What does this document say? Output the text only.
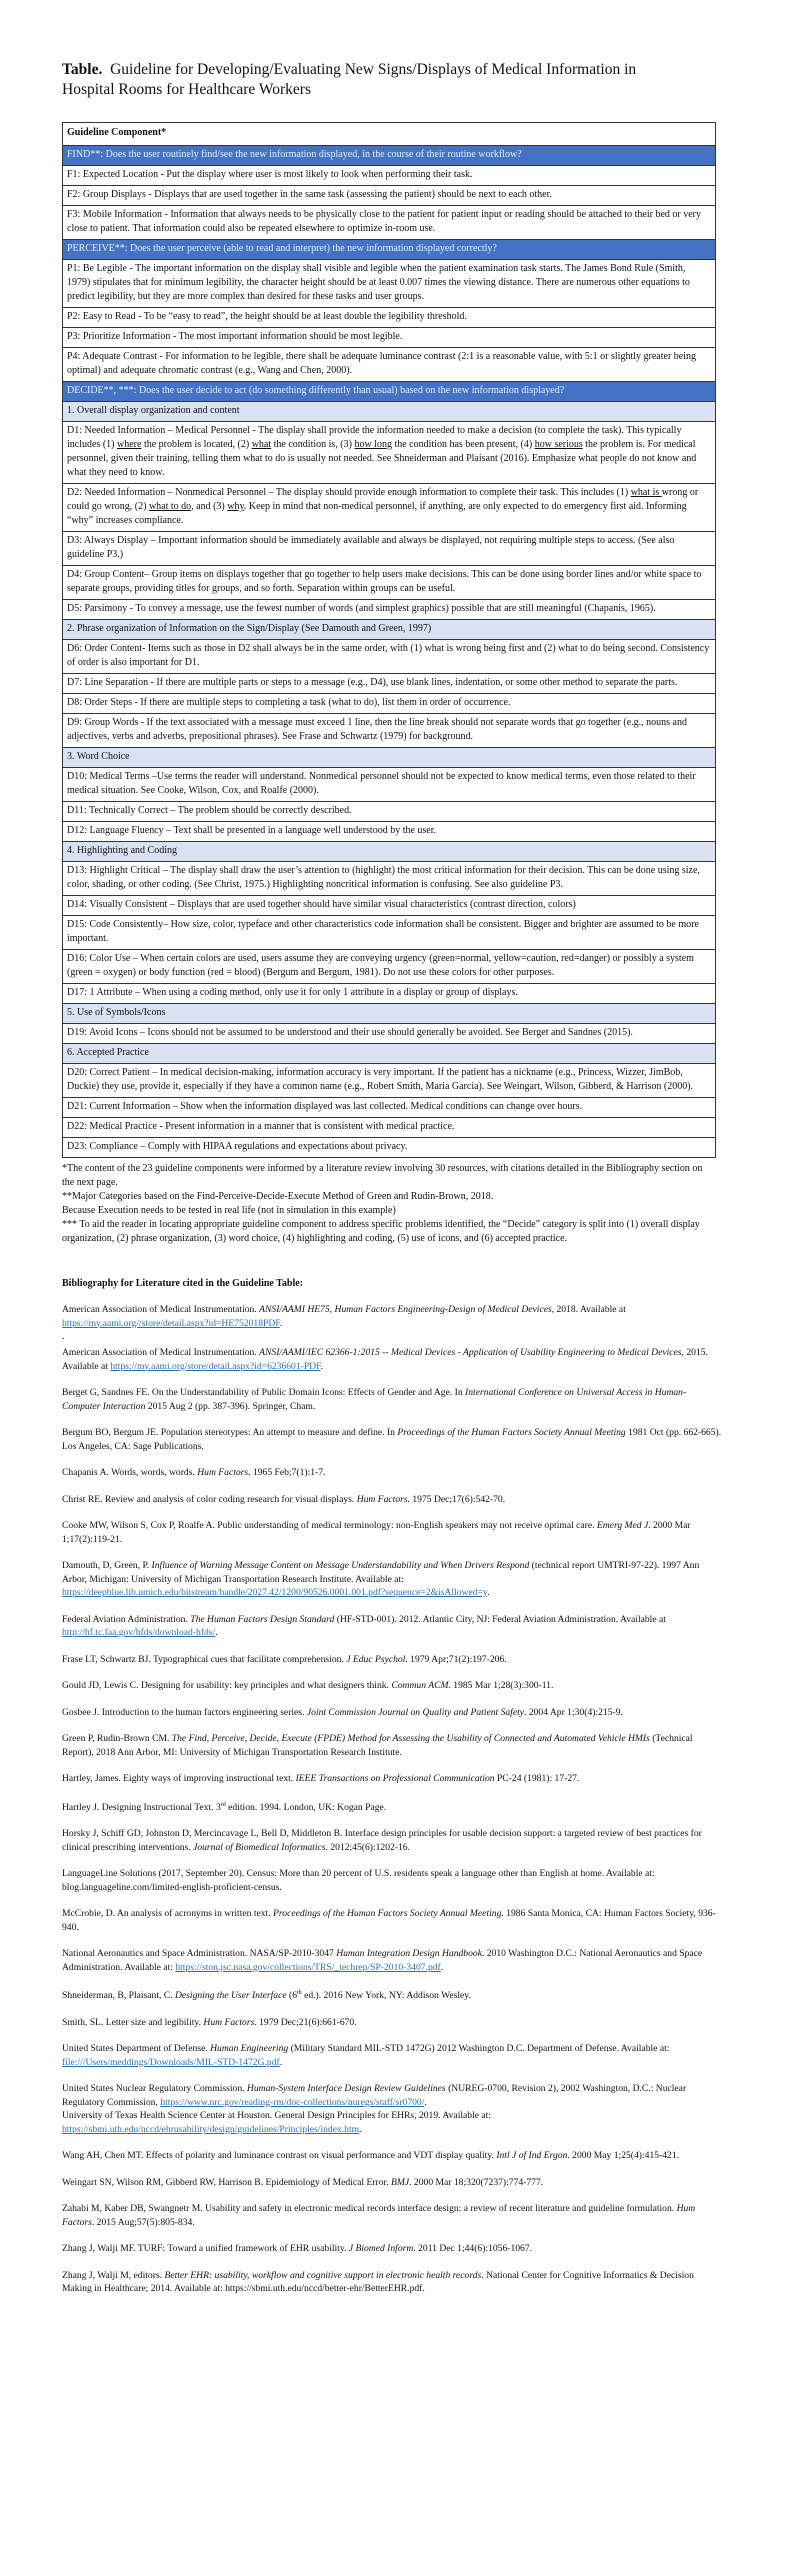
Table. Guideline for Developing/Evaluating New Signs/Displays of Medical Information in Hospital Rooms for Healthcare Workers
Guideline Component*
FIND**: Does the user routinely find/see the new information displayed, in the course of their routine workflow?
F1: Expected Location - Put the display where user is most likely to look when performing their task.
F2: Group Displays - Displays that are used together in the same task (assessing the patient) should be next to each other.
F3: Mobile Information - Information that always needs to be physically close to the patient for patient input or reading should be attached to their bed or very close to patient. That information could also be repeated elsewhere to optimize in-room use.
PERCEIVE**: Does the user perceive (able to read and interpret) the new information displayed correctly?
P1: Be Legible - The important information on the display shall visible and legible when the patient examination task starts. The James Bond Rule (Smith, 1979) stipulates that for minimum legibility, the character height should be at least 0.007 times the viewing distance. There are numerous other equations to predict legibility, but they are more complex than desired for these tasks and user groups.
P2: Easy to Read - To be “easy to read”, the height should be at least double the legibility threshold.
P3: Prioritize Information - The most important information should be most legible.
P4: Adequate Contrast - For information to be legible, there shall be adequate luminance contrast (2:1 is a reasonable value, with 5:1 or slightly greater being optimal) and adequate chromatic contrast (e.g., Wang and Chen, 2000).
DECIDE**, ***: Does the user decide to act (do something differently than usual) based on the new information displayed?
1. Overall display organization and content
D1: Needed Information – Medical Personnel - The display shall provide the information needed to make a decision (to complete the task). This typically includes (1) where the problem is located, (2) what the condition is, (3) how long the condition has been present, (4) how serious the problem is. For medical personnel, given their training, telling them what to do is usually not needed. See Shneiderman and Plaisant (2016). Emphasize what people do not know and what they need to know.
D2: Needed Information – Nonmedical Personnel – The display should provide enough information to complete their task. This includes (1) what is wrong or could go wrong, (2) what to do, and (3) why. Keep in mind that non-medical personnel, if anything, are only expected to do emergency first aid. Informing “why” increases compliance.
D3: Always Display – Important information should be immediately available and always be displayed, not requiring multiple steps to access. (See also guideline P3.)
D4: Group Content– Group items on displays together that go together to help users make decisions. This can be done using border lines and/or white space to separate groups, providing titles for groups, and so forth. Separation within groups can be useful.
D5: Parsimony - To convey a message, use the fewest number of words (and simplest graphics) possible that are still meaningful (Chapanis, 1965).
2. Phrase organization of Information on the Sign/Display (See Damouth and Green, 1997)
D6: Order Content- Items such as those in D2 shall always be in the same order, with (1) what is wrong being first and (2) what to do being second. Consistency of order is also important for D1.
D7: Line Separation - If there are multiple parts or steps to a message (e.g., D4), use blank lines, indentation, or some other method to separate the parts.
D8: Order Steps - If there are multiple steps to completing a task (what to do), list them in order of occurrence.
D9: Group Words - If the text associated with a message must exceed 1 line, then the line break should not separate words that go together (e.g., nouns and adjectives, verbs and adverbs, prepositional phrases). See Frase and Schwartz (1979) for background.
3. Word Choice
D10: Medical Terms –Use terms the reader will understand. Nonmedical personnel should not be expected to know medical terms, even those related to their medical situation. See Cooke, Wilson, Cox, and Roalfe (2000).
D11: Technically Correct – The problem should be correctly described.
D12: Language Fluency – Text shall be presented in a language well understood by the user.
4. Highlighting and Coding
D13: Highlight Critical – The display shall draw the user’s attention to (highlight) the most critical information for their decision. This can be done using size, color, shading, or other coding. (See Christ, 1975.) Highlighting noncritical information is confusing. See also guideline P3.
D14: Visually Consistent – Displays that are used together should have similar visual characteristics (contrast direction, colors)
D15: Code Consistently– How size, color, typeface and other characteristics code information shall be consistent. Bigger and brighter are assumed to be more important.
D16: Color Use – When certain colors are used, users assume they are conveying urgency (green=normal, yellow=caution, red=danger) or possibly a system (green = oxygen) or body function (red = blood) (Bergum and Bergum, 1981). Do not use these colors for other purposes.
D17: 1 Attribute – When using a coding method, only use it for only 1 attribute in a display or group of displays.
5. Use of Symbols/Icons
D19: Avoid Icons – Icons should not be assumed to be understood and their use should generally be avoided. See Berget and Sandnes (2015).
6. Accepted Practice
D20: Correct Patient – In medical decision-making, information accuracy is very important. If the patient has a nickname (e.g., Princess, Wizzer, JimBob, Duckie) they use, provide it, especially if they have a common name (e.g., Robert Smith, Maria Garcia). See Weingart, Wilson, Gibberd, & Harrison (2000).
D21: Current Information – Show when the information displayed was last collected. Medical conditions can change over hours.
D22: Medical Practice - Present information in a manner that is consistent with medical practice.
D23: Compliance – Comply with HIPAA regulations and expectations about privacy.

*The content of the 23 guideline components were informed by a literature review involving 30 resources, with citations detailed in the Bibliography section on the next page.

**Major Categories based on the Find-Perceive-Decide-Execute Method of Green and Rudin-Brown, 2018.

Because Execution needs to be tested in real life (not in simulation in this example)

*** To aid the reader in locating appropriate guideline component to address specific problems identified, the “Decide” category is split into (1) overall display organization, (2) phrase organization, (3) word choice, (4) highlighting and coding, (5) use of icons, and (6) accepted practice.

Bibliography for Literature cited in the Guideline Table:

American Association of Medical Instrumentation. ANSI/AAMI HE75, Human Factors Engineering-Design of Medical Devices, 2018. Available at https://my.aami.org//store/detail.aspx?id=HE752018PDF.

.

American Association of Medical Instrumentation. ANSI/AAMI/IEC 62366-1:2015 -- Medical Devices - Application of Usability Engineering to Medical Devices, 2015. Available at https://my.aami.org/store/detail.aspx?id=6236601-PDF.

Berget G, Sandnes FE. On the Understandability of Public Domain Icons: Effects of Gender and Age. In International Conference on Universal Access in Human-Computer Interaction 2015 Aug 2 (pp. 387-396). Springer, Cham.

Bergum BO, Bergum JE. Population stereotypes: An attempt to measure and define. In Proceedings of the Human Factors Society Annual Meeting 1981 Oct (pp. 662-665). Los Angeles, CA: Sage Publications.

Chapanis A. Words, words, words. Hum Factors. 1965 Feb;7(1):1-7.

Christ RE. Review and analysis of color coding research for visual displays. Hum Factors. 1975 Dec;17(6):542-70.

Cooke MW, Wilson S, Cox P, Roalfe A. Public understanding of medical terminology: non-English speakers may not receive optimal care. Emerg Med J. 2000 Mar 1;17(2):119-21.

Damouth, D, Green, P. Influence of Warning Message Content on Message Understandability and When Drivers Respond (technical report UMTRI-97-22). 1997 Ann Arbor, Michigan: University of Michigan Transportation Research Institute. Available at: https://deepblue.lib.umich.edu/bitstream/handle/2027.42/1200/90526.0001.001.pdf?sequence=2&isAllowed=y.

Federal Aviation Administration. The Human Factors Design Standard (HF-STD-001). 2012. Atlantic City, NJ: Federal Aviation Administration. Available at http://hf.tc.faa.gov/hfds/download-hfds/.

Frase LT, Schwartz BJ. Typographical cues that facilitate comprehension. J Educ Psychol. 1979 Apr;71(2):197-206.

Gould JD, Lewis C. Designing for usability: key principles and what designers think. Commun ACM. 1985 Mar 1;28(3):300-11.

Gosbee J. Introduction to the human factors engineering series. Joint Commission Journal on Quality and Patient Safety. 2004 Apr 1;30(4):215-9.

Green P, Rudin-Brown CM. The Find, Perceive, Decide, Execute (FPDE) Method for Assessing the Usability of Connected and Automated Vehicle HMIs (Technical Report), 2018 Ann Arbor, MI: University of Michigan Transportation Research Institute.

Hartley, James. Eighty ways of improving instructional text. IEEE Transactions on Professional Communication PC-24 (1981): 17-27.

Hartley J. Designing Instructional Text. 3rd edition. 1994. London, UK: Kogan Page.

Horsky J, Schiff GD, Johnston D, Mercincavage L, Bell D, Middleton B. Interface design principles for usable decision support: a targeted review of best practices for clinical prescribing interventions. Journal of Biomedical Informatics. 2012;45(6):1202-16.

LanguageLine Solutions (2017, September 20). Census: More than 20 percent of U.S. residents speak a language other than English at home. Available at: blog.languageline.com/limited-english-proficient-census.

McCrobie, D. An analysis of acronyms in written text. Proceedings of the Human Factors Society Annual Meeting. 1986 Santa Monica, CA: Human Factors Society, 936-940.

National Aeronautics and Space Administration. NASA/SP-2010-3047 Human Integration Design Handbook. 2010 Washington D.C.: National Aeronautics and Space Administration. Available at: https://ston.jsc.nasa.gov/collections/TRS/_techrep/SP-2010-3407.pdf.

Shneiderman, B, Plaisant, C. Designing the User Interface (6th ed.). 2016 New York, NY: Addison Wesley.

Smith, SL. Letter size and legibility. Hum Factors. 1979 Dec;21(6):661-670.

United States Department of Defense. Human Engineering (Military Standard MIL-STD 1472G) 2012 Washington D.C. Department of Defense. Available at: file:///Users/meddings/Downloads/MIL-STD-1472G.pdf.

United States Nuclear Regulatory Commission. Human-System Interface Design Review Guidelines (NUREG-0700, Revision 2), 2002 Washington, D.C.: Nuclear Regulatory Commission, https://www.nrc.gov/reading-rm/doc-collections/nuregs/staff/sr0700/.

University of Texas Health Science Center at Houston. General Design Principles for EHRs, 2019. Available at: https://sbmi.uth.edu/nccd/ehrusability/design/guidelines/Principles/index.htm.

Wang AH, Chen MT. Effects of polarity and luminance contrast on visual performance and VDT display quality. Intl J of Ind Ergon. 2000 May 1;25(4):415-421.

Weingart SN, Wilson RM, Gibberd RW, Harrison B. Epidemiology of Medical Error. BMJ. 2000 Mar 18;320(7237):774-777.

Zahabi M, Kaber DB, Swangnetr M. Usability and safety in electronic medical records interface design: a review of recent literature and guideline formulation. Hum Factors. 2015 Aug;57(5):805-834.

Zhang J, Walji MF. TURF: Toward a unified framework of EHR usability. J Biomed Inform. 2011 Dec 1;44(6):1056-1067.

Zhang J, Walji M, editors. Better EHR: usability, workflow and cognitive support in electronic health records. National Center for Cognitive Informatics & Decision Making in Healthcare; 2014. Available at: https://sbmi.uth.edu/nccd/better-ehr/BetterEHR.pdf.
